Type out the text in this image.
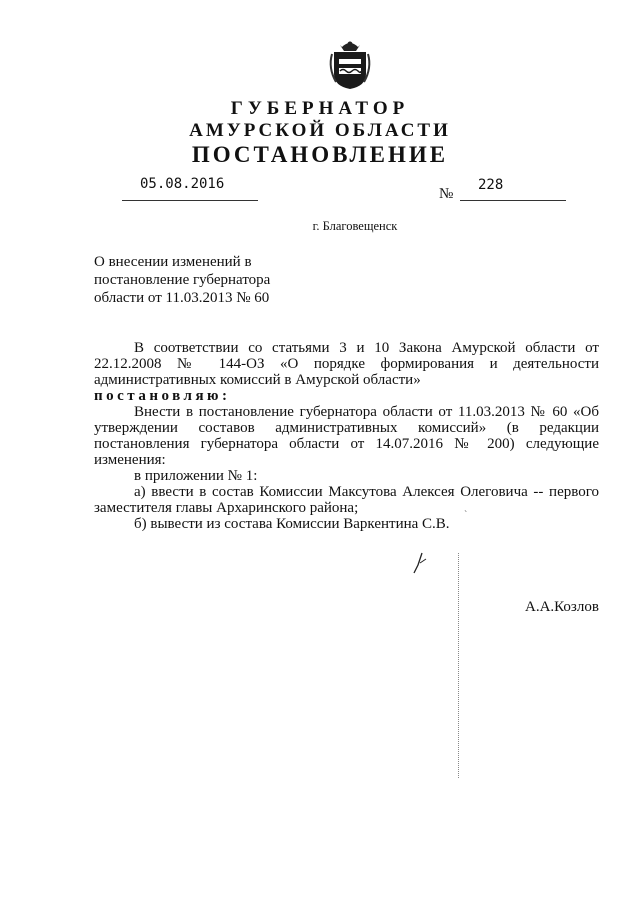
ГУБЕРНАТОР
АМУРСКОЙ ОБЛАСТИ
ПОСТАНОВЛЕНИЕ
05.08.2016
№
228
г. Благовещенск
О внесении изменений в
постановление губернатора
области от 11.03.2013 № 60
В соответствии со статьями 3 и 10 Закона Амурской области от
22.12.2008 № 144-ОЗ «О порядке формирования и деятельности
административных комиссий в Амурской области»
постановляю:
Внести в постановление губернатора области от 11.03.2013 № 60 «Об
утверждении составов административных комиссий» (в редакции
постановления губернатора области от 14.07.2016 № 200) следующие
изменения:
в приложении № 1:
а) ввести в состав Комиссии Максутова Алексея Олеговича -- первого
заместителя главы Архаринского района;
б) вывести из состава Комиссии Варкентина С.В.
`
А.А.Козлов
